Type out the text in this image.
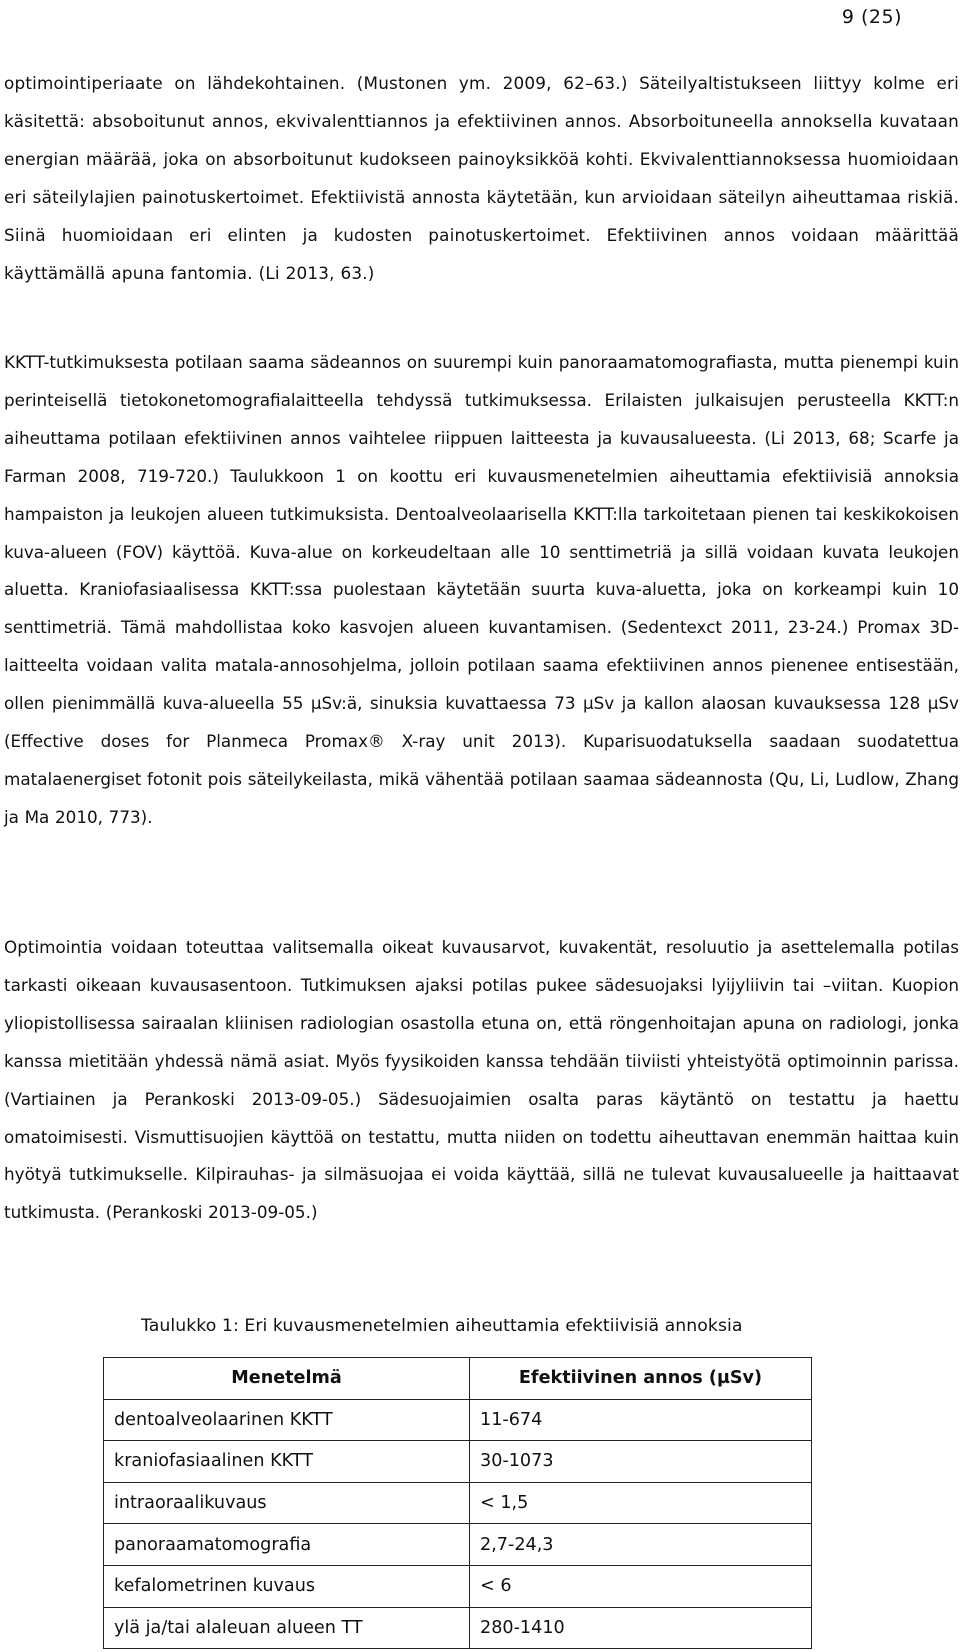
9 (25)

optimointiperiaate on lähdekohtainen. (Mustonen ym. 2009, 62–63.) Säteilyaltistukseen liittyy kolme eri käsitettä: absoboitunut annos, ekvivalenttiannos ja efektiivinen annos. Absorboituneella annoksella kuvataan energian määrää, joka on absorboitunut kudokseen painoyksikköä kohti. Ekvivalenttiannoksessa huomioidaan eri säteilylajien painotuskertoimet. Efektiivistä annosta käytetään, kun arvioidaan säteilyn aiheuttamaa riskiä. Siinä huomioidaan eri elinten ja kudosten painotuskertoimet. Efektiivinen annos voidaan määrittää käyttämällä apuna fantomia. (Li 2013, 63.)

KKTT-tutkimuksesta potilaan saama sädeannos on suurempi kuin panoraamatomografiasta, mutta pienempi kuin perinteisellä tietokonetomografialaitteella tehdyssä tutkimuksessa. Erilaisten julkaisujen perusteella KKTT:n aiheuttama potilaan efektiivinen annos vaihtelee riippuen laitteesta ja kuvausalueesta. (Li 2013, 68; Scarfe ja Farman 2008, 719-720.) Taulukkoon 1 on koottu eri kuvausmenetelmien aiheuttamia efektiivisiä annoksia hampaiston ja leukojen alueen tutkimuksista. Dentoalveolaarisella KKTT:lla tarkoitetaan pienen tai keskikokoisen kuva-alueen (FOV) käyttöä. Kuva-alue on korkeudeltaan alle 10 senttimetriä ja sillä voidaan kuvata leukojen aluetta. Kraniofasiaalisessa KKTT:ssa puolestaan käytetään suurta kuva-aluetta, joka on korkeampi kuin 10 senttimetriä. Tämä mahdollistaa koko kasvojen alueen kuvantamisen. (Sedentexct 2011, 23-24.) Promax 3D-laitteelta voidaan valita matala-annosohjelma, jolloin potilaan saama efektiivinen annos pienenee entisestään, ollen pienimmällä kuva-alueella 55 µSv:ä, sinuksia kuvattaessa 73 µSv ja kallon alaosan kuvauksessa 128 µSv (Effective doses for Planmeca Promax® X-ray unit 2013). Kuparisuodatuksella saadaan suodatettua matalaenergiset fotonit pois säteilykeilasta, mikä vähentää potilaan saamaa sädeannosta (Qu, Li, Ludlow, Zhang ja Ma 2010, 773).

Optimointia voidaan toteuttaa valitsemalla oikeat kuvausarvot, kuvakentät, resoluutio ja asettelemalla potilas tarkasti oikeaan kuvausasentoon. Tutkimuksen ajaksi potilas pukee sädesuojaksi lyijyliivin tai –viitan. Kuopion yliopistollisessa sairaalan kliinisen radiologian osastolla etuna on, että röngenhoitajan apuna on radiologi, jonka kanssa mietitään yhdessä nämä asiat. Myös fyysikoiden kanssa tehdään tiiviisti yhteistyötä optimoinnin parissa. (Vartiainen ja Perankoski 2013-09-05.) Sädesuojaimien osalta paras käytäntö on testattu ja haettu omatoimisesti. Vismuttisuojien käyttöä on testattu, mutta niiden on todettu aiheuttavan enemmän haittaa kuin hyötyä tutkimukselle. Kilpirauhas- ja silmäsuojaa ei voida käyttää, sillä ne tulevat kuvausalueelle ja haittaavat tutkimusta. (Perankoski 2013-09-05.)

Taulukko 1: Eri kuvausmenetelmien aiheuttamia efektiivisiä annoksia
Menetelmä	Efektiivinen annos (µSv)
dentoalveolaarinen KKTT	11-674
kraniofasiaalinen KKTT	30-1073
intraoraalikuvaus	< 1,5
panoraamatomografia	2,7-24,3
kefalometrinen kuvaus	< 6
ylä ja/tai alaleuan alueen TT	280-1410
